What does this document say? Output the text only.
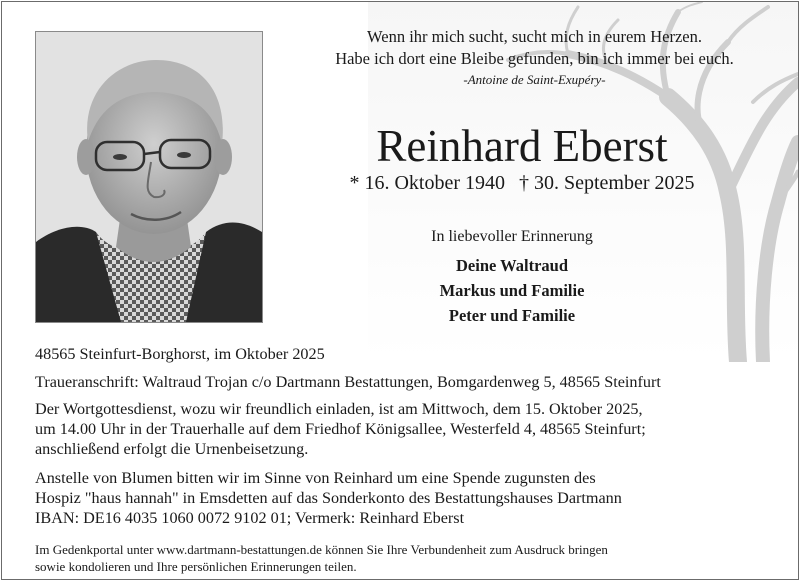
Wenn ihr mich sucht, sucht mich in eurem Herzen.
Habe ich dort eine Bleibe gefunden, bin ich immer bei euch.
-Antoine de Saint-Exupéry-
Reinhard Eberst
* 16. Oktober 1940 † 30. September 2025
In liebevoller Erinnerung
Deine Waltraud
Markus und Familie
Peter und Familie
48565 Steinfurt-Borghorst, im Oktober 2025
Traueranschrift: Waltraud Trojan c/o Dartmann Bestattungen, Bomgardenweg 5, 48565 Steinfurt
Der Wortgottesdienst, wozu wir freundlich einladen, ist am Mittwoch, dem 15. Oktober 2025,
um 14.00 Uhr in der Trauerhalle auf dem Friedhof Königsallee, Westerfeld 4, 48565 Steinfurt;
anschließend erfolgt die Urnenbeisetzung.
Anstelle von Blumen bitten wir im Sinne von Reinhard um eine Spende zugunsten des
Hospiz "haus hannah" in Emsdetten auf das Sonderkonto des Bestattungshauses Dartmann
IBAN: DE16 4035 1060 0072 9102 01; Vermerk: Reinhard Eberst
Im Gedenkportal unter www.dartmann-bestattungen.de können Sie Ihre Verbundenheit zum Ausdruck bringen
sowie kondolieren und Ihre persönlichen Erinnerungen teilen.
